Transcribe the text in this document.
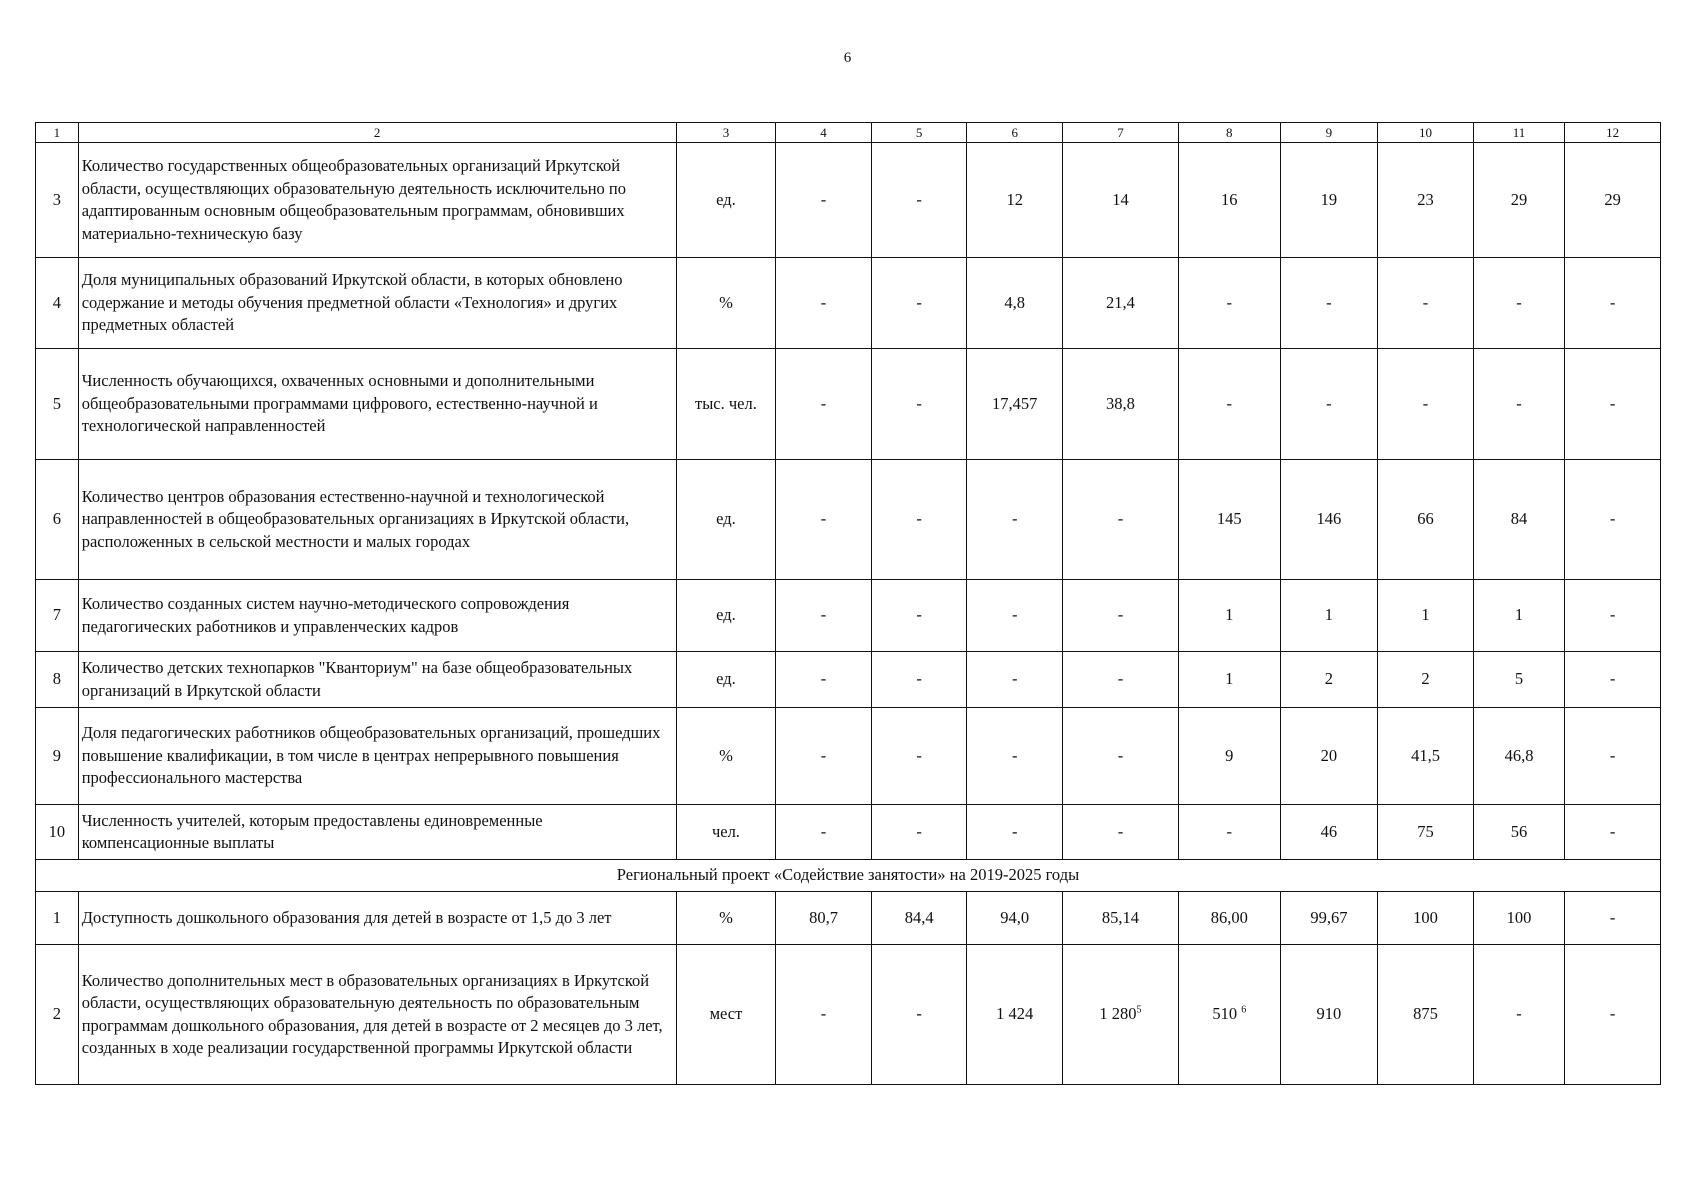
6
1	2	3	4	5	6	7	8	9	10	11	12
3	Количество государственных общеобразовательных организаций Иркутской области, осуществляющих образовательную деятельность исключительно по адаптированным основным общеобразовательным программам, обновивших материально-техническую базу	ед.	-	-	12	14	16	19	23	29	29
4	Доля муниципальных образований Иркутской области, в которых обновлено содержание и методы обучения предметной области «Технология» и других предметных областей	%	-	-	4,8	21,4	-	-	-	-	-
5	Численность обучающихся, охваченных основными и дополнительными общеобразовательными программами цифрового, естественно-научной и технологической направленностей	тыс. чел.	-	-	17,457	38,8	-	-	-	-	-
6	Количество центров образования естественно-научной и технологической направленностей в общеобразовательных организациях в Иркутской области, расположенных в сельской местности и малых городах	ед.	-	-	-	-	145	146	66	84	-
7	Количество созданных систем научно-методического сопровождения педагогических работников и управленческих кадров	ед.	-	-	-	-	1	1	1	1	-
8	Количество детских технопарков "Кванториум" на базе общеобразовательных организаций в Иркутской области	ед.	-	-	-	-	1	2	2	5	-
9	Доля педагогических работников общеобразовательных организаций, прошедших повышение квалификации, в том числе в центрах непрерывного повышения профессионального мастерства	%	-	-	-	-	9	20	41,5	46,8	-
10	Численность учителей, которым предоставлены единовременные компенсационные выплаты	чел.	-	-	-	-	-	46	75	56	-
Региональный проект «Содействие занятости» на 2019-2025 годы											
1	Доступность дошкольного образования для детей в возрасте от 1,5 до 3 лет	%	80,7	84,4	94,0	85,14	86,00	99,67	100	100	-
2	Количество дополнительных мест в образовательных организациях в Иркутской области, осуществляющих образовательную деятельность по образовательным программам дошкольного образования, для детей в возрасте от 2 месяцев до 3 лет, созданных в ходе реализации государственной программы Иркутской области	мест	-	-	1 424	1 $280^5$	510 $^6$	910	875	-	-
